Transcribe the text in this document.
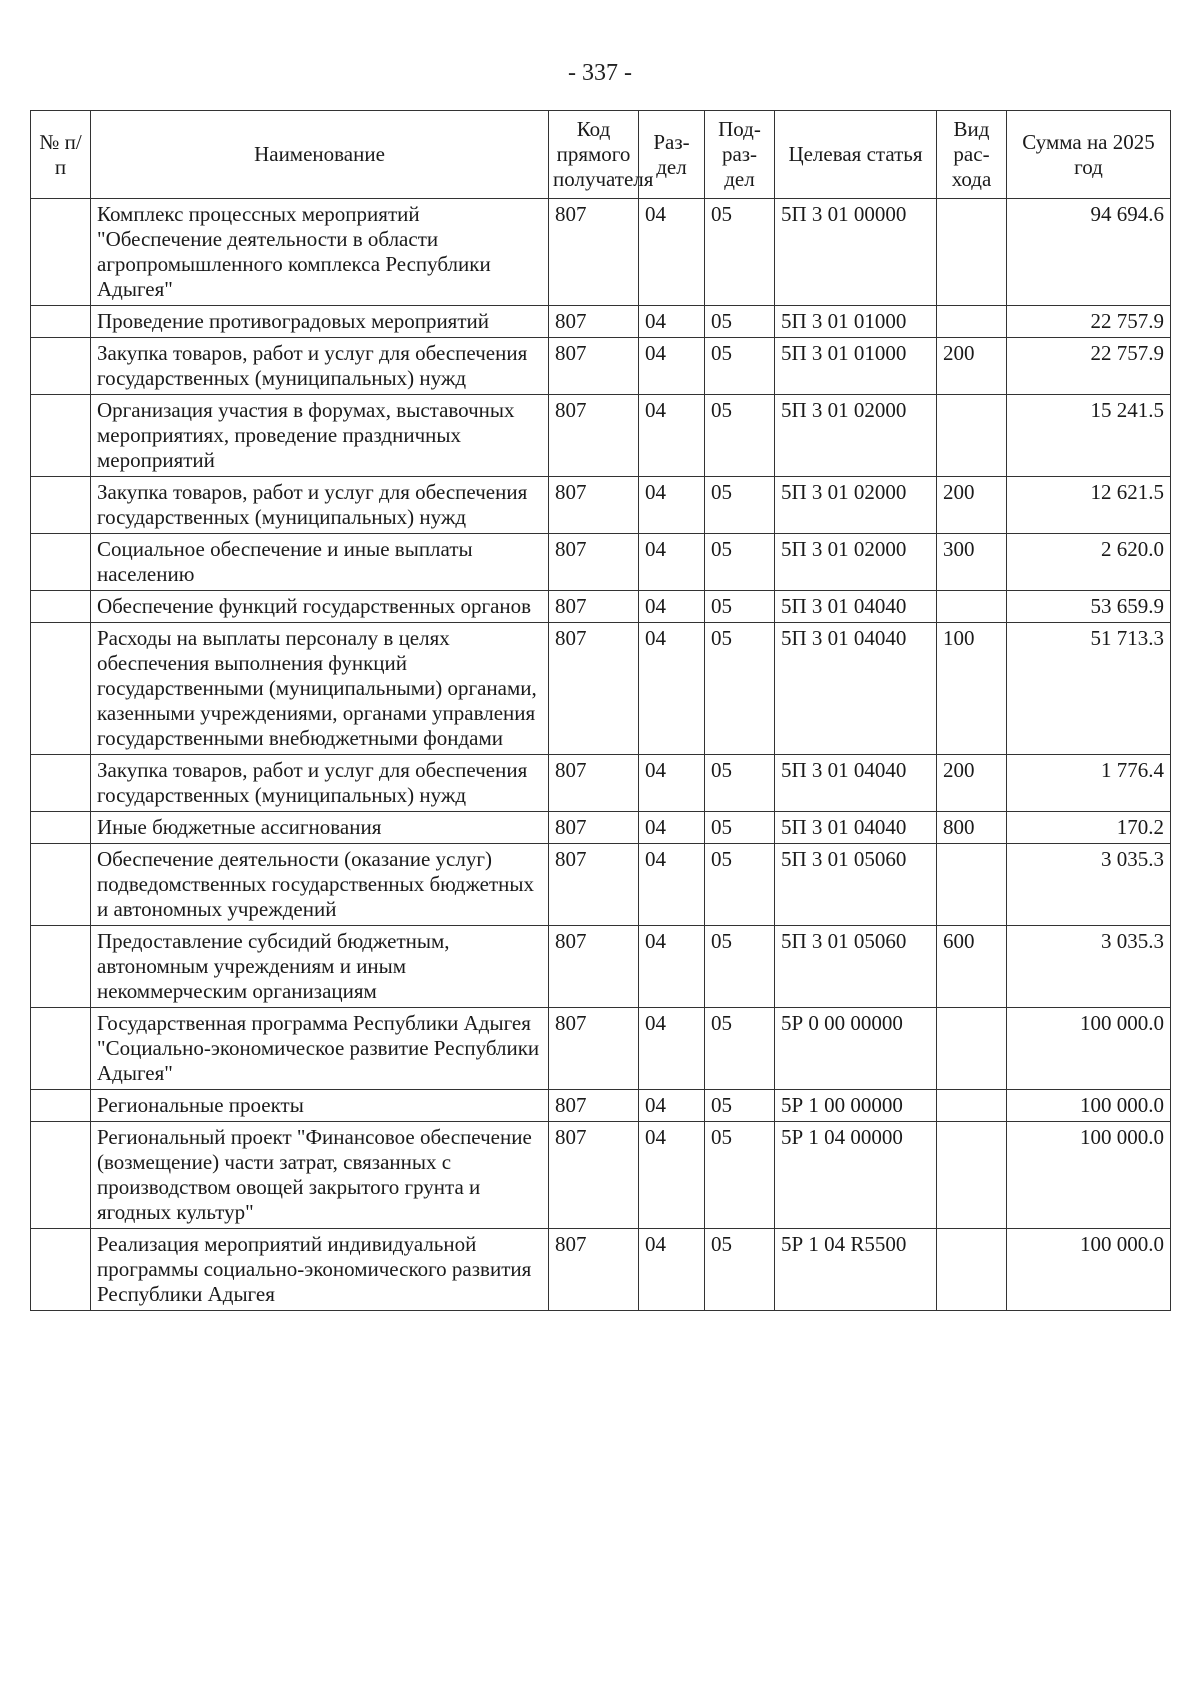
- 337 -
№ п/п	Наименование	Код прямого получателя	Раз-дел	Под-раз-дел	Целевая статья	Вид рас-хода	Сумма на 2025 год
	Комплекс процессных мероприятий "Обеспечение деятельности в области агропромышленного комплекса Республики Адыгея"	807	04	05	5П 3 01 00000		94 694.6
	Проведение противоградовых мероприятий	807	04	05	5П 3 01 01000		22 757.9
	Закупка товаров, работ и услуг для обеспечения государственных (муниципальных) нужд	807	04	05	5П 3 01 01000	200	22 757.9
	Организация участия в форумах, выставочных мероприятиях, проведение праздничных мероприятий	807	04	05	5П 3 01 02000		15 241.5
	Закупка товаров, работ и услуг для обеспечения государственных (муниципальных) нужд	807	04	05	5П 3 01 02000	200	12 621.5
	Социальное обеспечение и иные выплаты населению	807	04	05	5П 3 01 02000	300	2 620.0
	Обеспечение функций государственных органов	807	04	05	5П 3 01 04040		53 659.9
	Расходы на выплаты персоналу в целях обеспечения выполнения функций государственными (муниципальными) органами, казенными учреждениями, органами управления государственными внебюджетными фондами	807	04	05	5П 3 01 04040	100	51 713.3
	Закупка товаров, работ и услуг для обеспечения государственных (муниципальных) нужд	807	04	05	5П 3 01 04040	200	1 776.4
	Иные бюджетные ассигнования	807	04	05	5П 3 01 04040	800	170.2
	Обеспечение деятельности (оказание услуг) подведомственных государственных бюджетных и автономных учреждений	807	04	05	5П 3 01 05060		3 035.3
	Предоставление субсидий бюджетным, автономным учреждениям и иным некоммерческим организациям	807	04	05	5П 3 01 05060	600	3 035.3
	Государственная программа Республики Адыгея "Социально-экономическое развитие Республики Адыгея"	807	04	05	5Р 0 00 00000		100 000.0
	Региональные проекты	807	04	05	5Р 1 00 00000		100 000.0
	Региональный проект "Финансовое обеспечение (возмещение) части затрат, связанных с производством овощей закрытого грунта и ягодных культур"	807	04	05	5Р 1 04 00000		100 000.0
	Реализация мероприятий индивидуальной программы социально-экономического развития Республики Адыгея	807	04	05	5Р 1 04 R5500		100 000.0
